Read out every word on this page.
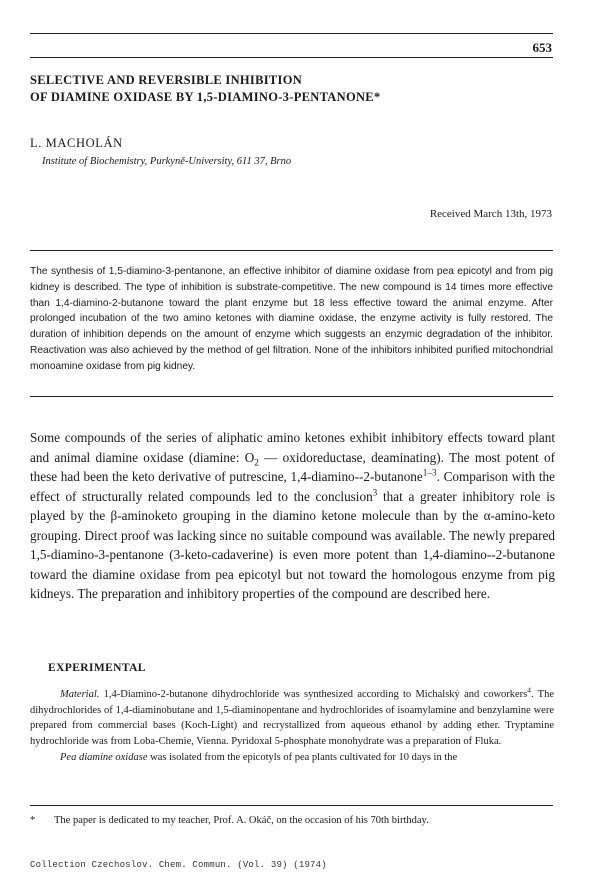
653
SELECTIVE AND REVERSIBLE INHIBITION
OF DIAMINE OXIDASE BY 1,5-DIAMINO-3-PENTANONE*
L. MACHOLÁN
Institute of Biochemistry, Purkyně-University, 611 37, Brno
Received March 13th, 1973

The synthesis of 1,5-diamino-3-pentanone, an effective inhibitor of diamine oxidase from pea epicotyl and from pig kidney is described. The type of inhibition is substrate-competitive. The new compound is 14 times more effective than 1,4-diamino-2-butanone toward the plant enzyme but 18 less effective toward the animal enzyme. After prolonged incubation of the two amino ketones with diamine oxidase, the enzyme activity is fully restored. The duration of inhibition depends on the amount of enzyme which suggests an enzymic degradation of the inhibitor. Reactivation was also achieved by the method of gel filtration. None of the inhibitors inhibited purified mitochondrial monoamine oxidase from pig kidney.

Some compounds of the series of aliphatic amino ketones exhibit inhibitory effects toward plant and animal diamine oxidase (diamine: $O_2$ — oxidoreductase, deaminating). The most potent of these had been the keto derivative of putrescine, 1,4-diamino--2-butanone$^{1-3}$. Comparison with the effect of structurally related compounds led to the conclusion$^3$ that a greater inhibitory role is played by the β-aminoketo grouping in the diamino ketone molecule than by the α-amino-keto grouping. Direct proof was lacking since no suitable compound was available. The newly prepared 1,5-diamino-3-pentanone (3-keto-cadaverine) is even more potent than 1,4-diamino--2-butanone toward the diamine oxidase from pea epicotyl but not toward the homologous enzyme from pig kidneys. The preparation and inhibitory properties of the compound are described here.

EXPERIMENTAL

Material. 1,4-Diamino-2-butanone dihydrochloride was synthesized according to Michalský and coworkers$^4$. The dihydrochlorides of 1,4-diaminobutane and 1,5-diaminopentane and hydrochlorides of isoamylamine and benzylamine were prepared from commercial bases (Koch-Light) and recrystallized from aqueous ethanol by adding ether. Tryptamine hydrochloride was from Loba-Chemie, Vienna. Pyridoxal 5-phosphate monohydrate was a preparation of Fluka.

Pea diamine oxidase was isolated from the epicotyls of pea plants cultivated for 10 days in the

* The paper is dedicated to my teacher, Prof. A. Okáč, on the occasion of his 70th birthday.
Collection Czechoslov. Chem. Commun. (Vol. 39) (1974)
